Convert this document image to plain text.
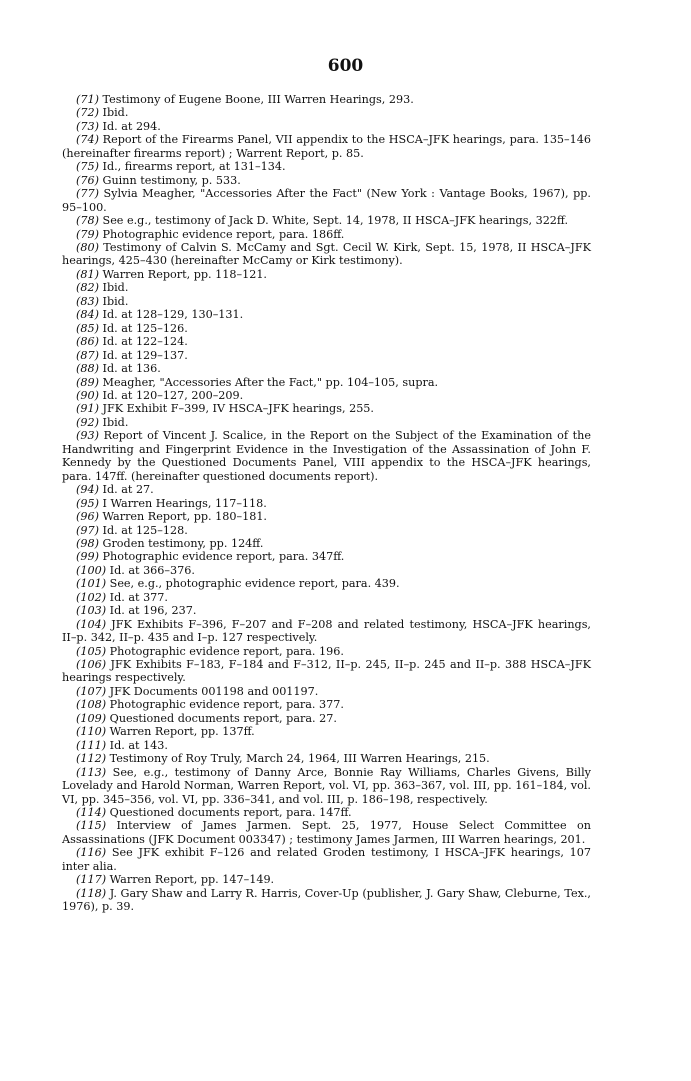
600

(71) Testimony of Eugene Boone, III Warren Hearings, 293.

(72) Ibid.

(73) Id. at 294.

(74) Report of the Firearms Panel, VII appendix to the HSCA–JFK hearings, para. 135–146 (hereinafter firearms report) ; Warrent Report, p. 85.

(75) Id., firearms report, at 131–134.

(76) Guinn testimony, p. 533.

(77) Sylvia Meagher, "Accessories After the Fact" (New York : Vantage Books, 1967), pp. 95–100.

(78) See e.g., testimony of Jack D. White, Sept. 14, 1978, II HSCA–JFK hearings, 322ff.

(79) Photographic evidence report, para. 186ff.

(80) Testimony of Calvin S. McCamy and Sgt. Cecil W. Kirk, Sept. 15, 1978, II HSCA–JFK hearings, 425–430 (hereinafter McCamy or Kirk testimony).

(81) Warren Report, pp. 118–121.

(82) Ibid.

(83) Ibid.

(84) Id. at 128–129, 130–131.

(85) Id. at 125–126.

(86) Id. at 122–124.

(87) Id. at 129–137.

(88) Id. at 136.

(89) Meagher, "Accessories After the Fact," pp. 104–105, supra.

(90) Id. at 120–127, 200–209.

(91) JFK Exhibit F–399, IV HSCA–JFK hearings, 255.

(92) Ibid.

(93) Report of Vincent J. Scalice, in the Report on the Subject of the Examination of the Handwriting and Fingerprint Evidence in the Investigation of the Assassination of John F. Kennedy by the Questioned Documents Panel, VIII appendix to the HSCA–JFK hearings, para. 147ff. (hereinafter questioned documents report).

(94) Id. at 27.

(95) I Warren Hearings, 117–118.

(96) Warren Report, pp. 180–181.

(97) Id. at 125–128.

(98) Groden testimony, pp. 124ff.

(99) Photographic evidence report, para. 347ff.

(100) Id. at 366–376.

(101) See, e.g., photographic evidence report, para. 439.

(102) Id. at 377.

(103) Id. at 196, 237.

(104) JFK Exhibits F–396, F–207 and F–208 and related testimony, HSCA–JFK hearings, II–p. 342, II–p. 435 and I–p. 127 respectively.

(105) Photographic evidence report, para. 196.

(106) JFK Exhibits F–183, F–184 and F–312, II–p. 245, II–p. 245 and II–p. 388 HSCA–JFK hearings respectively.

(107) JFK Documents 001198 and 001197.

(108) Photographic evidence report, para. 377.

(109) Questioned documents report, para. 27.

(110) Warren Report, pp. 137ff.

(111) Id. at 143.

(112) Testimony of Roy Truly, March 24, 1964, III Warren Hearings, 215.

(113) See, e.g., testimony of Danny Arce, Bonnie Ray Williams, Charles Givens, Billy Lovelady and Harold Norman, Warren Report, vol. VI, pp. 363–367, vol. III, pp. 161–184, vol. VI, pp. 345–356, vol. VI, pp. 336–341, and vol. III, p. 186–198, respectively.

(114) Questioned documents report, para. 147ff.

(115) Interview of James Jarmen. Sept. 25, 1977, House Select Committee on Assassinations (JFK Document 003347) ; testimony James Jarmen, III Warren hearings, 201.

(116) See JFK exhibit F–126 and related Groden testimony, I HSCA–JFK hearings, 107 inter alia.

(117) Warren Report, pp. 147–149.

(118) J. Gary Shaw and Larry R. Harris, Cover-Up (publisher, J. Gary Shaw, Cleburne, Tex., 1976), p. 39.
